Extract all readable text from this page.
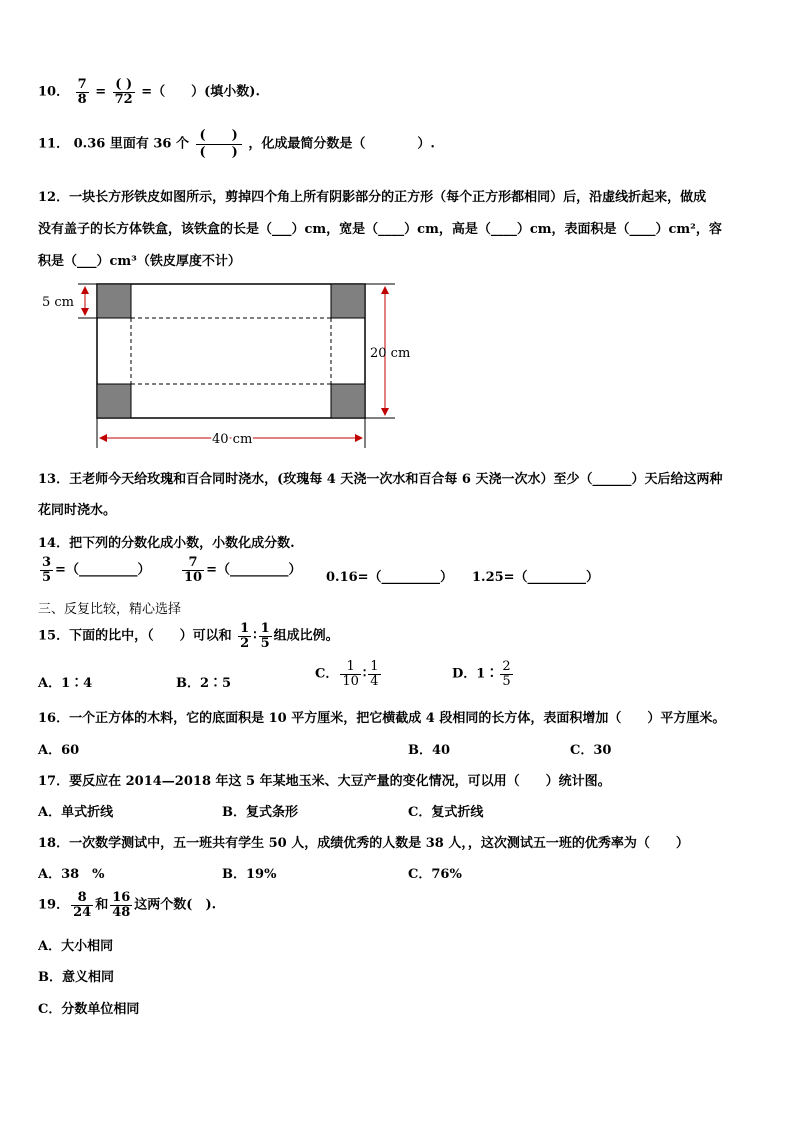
10． $\frac{7}{8} = \frac{( )}{72}$ =（　　）(填小数).
11． 0.36 里面有 36 个 $\frac{( )}{( )}$ ，化成最简分数是（　　　　）.
12．一块长方形铁皮如图所示，剪掉四个角上所有阴影部分的正方形（每个正方形都相同）后，沿虚线折起来，做成
没有盖子的长方体铁盒，该铁盒的长是（___）cm，宽是（____）cm，高是（____）cm，表面积是（____）cm²，容
积是（___）cm³（铁皮厚度不计）
5 cm
20 cm
40 cm
13．王老师今天给玫瑰和百合同时浇水，(玫瑰每 4 天浇一次水和百合每 6 天浇一次水）至少（______）天后给这两种
花同时浇水。
14．把下列的分数化成小数，小数化成分数.
$\frac{3}{5}$ =（_________） $\frac{7}{10}$ =（_________） 0.16=（_________） 1.25=（_________）
三、反复比较，精心选择
15．下面的比中，（　　）可以和 $\frac{1}{2}$ ∶ $\frac{1}{5}$ 组成比例。
A．1∶4	B．2∶5
C． $\frac{1}{10}$ ∶ $\frac{1}{4}$	D．1∶ $\frac{2}{5}$
16．一个正方体的木料，它的底面积是 10 平方厘米，把它横截成 4 段相同的长方体，表面积增加（　　）平方厘米。
A．60	B．40	C．30
17．要反应在 2014—2018 年这 5 年某地玉米、大豆产量的变化情况，可以用（　　）统计图。
A．单式折线	B．复式条形	C．复式折线
18．一次数学测试中，五一班共有学生 50 人，成绩优秀的人数是 38 人，，这次测试五一班的优秀率为（　　）
A．38　%	B．19%	C．76%
19． $\frac{8}{24}$ 和 $\frac{16}{48}$ 这两个数(　).
A．大小相同
B．意义相同
C．分数单位相同
